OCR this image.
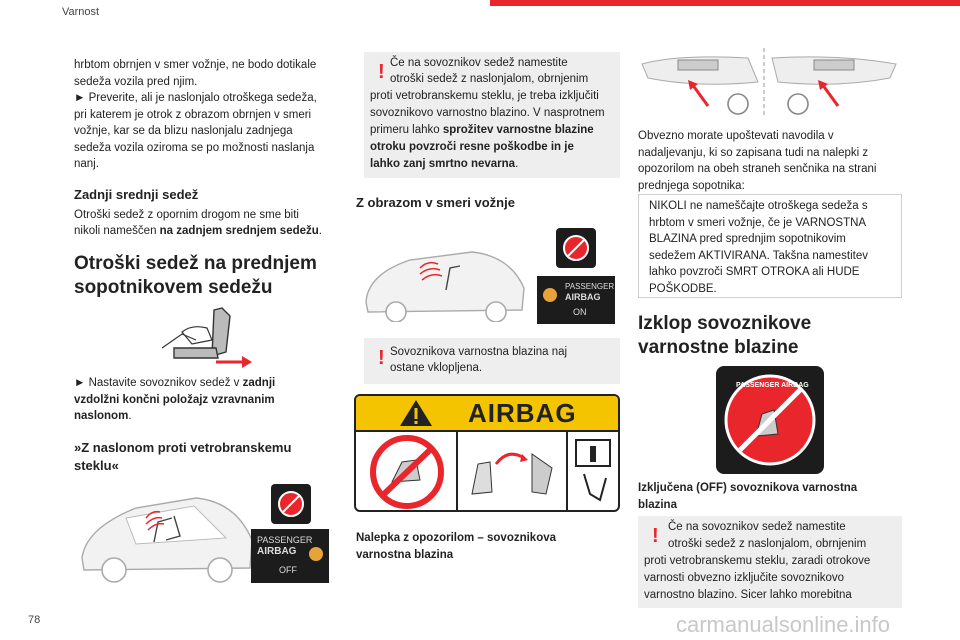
Varnost
hrbtom obrnjen v smer vožnje, ne bodo dotikale
sedeža vozila pred njim.
► Preverite, ali je naslonjalo otroškega sedeža,
pri katerem je otrok z obrazom obrnjen v smeri
vožnje, kar se da blizu naslonjalu zadnjega
sedeža vozila oziroma se po možnosti naslanja
nanj.
Zadnji srednji sedež
Otroški sedež z opornim drogom ne sme biti
nikoli nameščen na zadnjem srednjem sedežu.
Otroški sedež na prednjem
sopotnikovem sedežu
► Nastavite sovoznikov sedež v zadnji
vzdolžni končni položajz vzravnanim
naslonom.
»Z naslonom proti vetrobranskemu
steklu«
PASSENGER
AIRBAG
OFF
78
! Če na sovoznikov sedež namestite
otroški sedež z naslonjalom, obrnjenim
proti vetrobranskemu steklu, je treba izključiti
sovoznikovo varnostno blazino. V nasprotnem
primeru lahko sprožitev varnostne blazine
otroku povzroči resne poškodbe in je
lahko zanj smrtno nevarna.
Z obrazom v smeri vožnje
PASSENGER
AIRBAG
ON
! Sovoznikova varnostna blazina naj
ostane vklopljena.
AIRBAG
Nalepka z opozorilom – sovoznikova
varnostna blazina
Obvezno morate upoštevati navodila v
nadaljevanju, ki so zapisana tudi na nalepki z
opozorilom na obeh straneh senčnika na strani
prednjega sopotnika:
NIKOLI ne nameščajte otroškega sedeža s
hrbtom v smeri vožnje, če je VARNOSTNA
BLAZINA pred sprednjim sopotnikovim
sedežem AKTIVIRANA. Takšna namestitev
lahko povzroči SMRT OTROKA ali HUDE
POŠKODBE.
Izklop sovoznikove
varnostne blazine
PASSENGER AIRBAG
Izključena (OFF) sovoznikova varnostna
blazina
! Če na sovoznikov sedež namestite
otroški sedež z naslonjalom, obrnjenim
proti vetrobranskemu steklu, zaradi otrokove
varnosti obvezno izključite sovoznikovo
varnostno blazino. Sicer lahko morebitna
carmanualsonline.info
